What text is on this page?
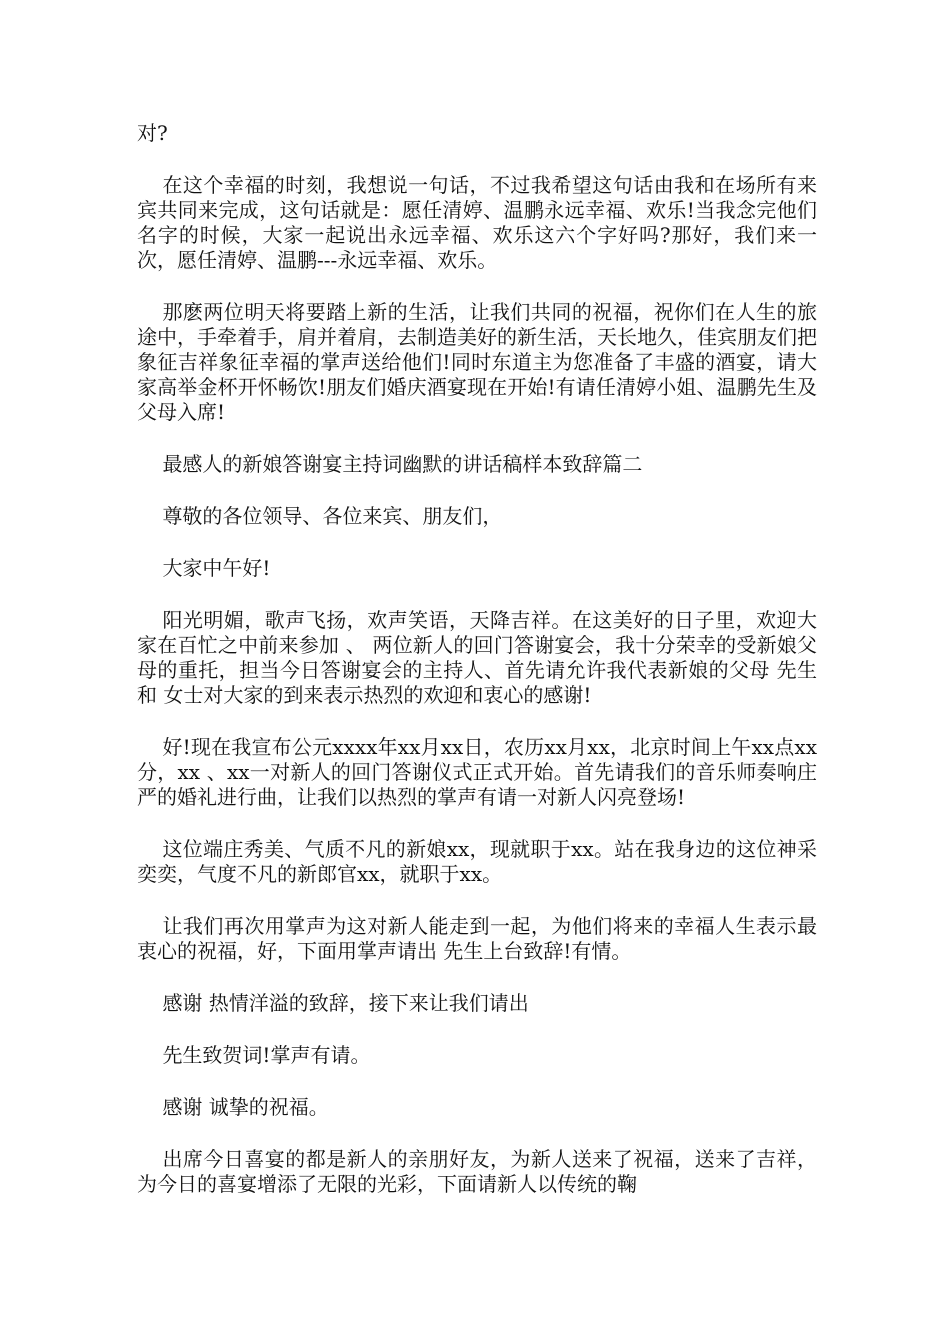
对?

在这个幸福的时刻，我想说一句话，不过我希望这句话由我和在场所有来宾共同来完成，这句话就是：愿任清婷、温鹏永远幸福、欢乐!当我念完他们名字的时候，大家一起说出永远幸福、欢乐这六个字好吗?那好，我们来一次，愿任清婷、温鹏---永远幸福、欢乐。

那麽两位明天将要踏上新的生活，让我们共同的祝福，祝你们在人生的旅途中，手牵着手，肩并着肩，去制造美好的新生活，天长地久，佳宾朋友们把象征吉祥象征幸福的掌声送给他们!同时东道主为您准备了丰盛的酒宴，请大家高举金杯开怀畅饮!朋友们婚庆酒宴现在开始!有请任清婷小姐、温鹏先生及父母入席!

最感人的新娘答谢宴主持词幽默的讲话稿样本致辞篇二

尊敬的各位领导、各位来宾、朋友们，

大家中午好!

阳光明媚，歌声飞扬，欢声笑语，天降吉祥。在这美好的日子里，欢迎大家在百忙之中前来参加 、 两位新人的回门答谢宴会，我十分荣幸的受新娘父母的重托，担当今日答谢宴会的主持人、首先请允许我代表新娘的父母 先生和 女士对大家的到来表示热烈的欢迎和衷心的感谢!

好!现在我宣布公元xxxx年xx月xx日，农历xx月xx，北京时间上午xx点xx分，xx 、xx一对新人的回门答谢仪式正式开始。首先请我们的音乐师奏响庄严的婚礼进行曲，让我们以热烈的掌声有请一对新人闪亮登场!

这位端庄秀美、气质不凡的新娘xx，现就职于xx。站在我身边的这位神采奕奕，气度不凡的新郎官xx，就职于xx。

让我们再次用掌声为这对新人能走到一起，为他们将来的幸福人生表示最衷心的祝福，好，下面用掌声请出 先生上台致辞!有情。

感谢 热情洋溢的致辞，接下来让我们请出

先生致贺词!掌声有请。

感谢 诚挚的祝福。

出席今日喜宴的都是新人的亲朋好友，为新人送来了祝福，送来了吉祥，为今日的喜宴增添了无限的光彩，下面请新人以传统的鞠
